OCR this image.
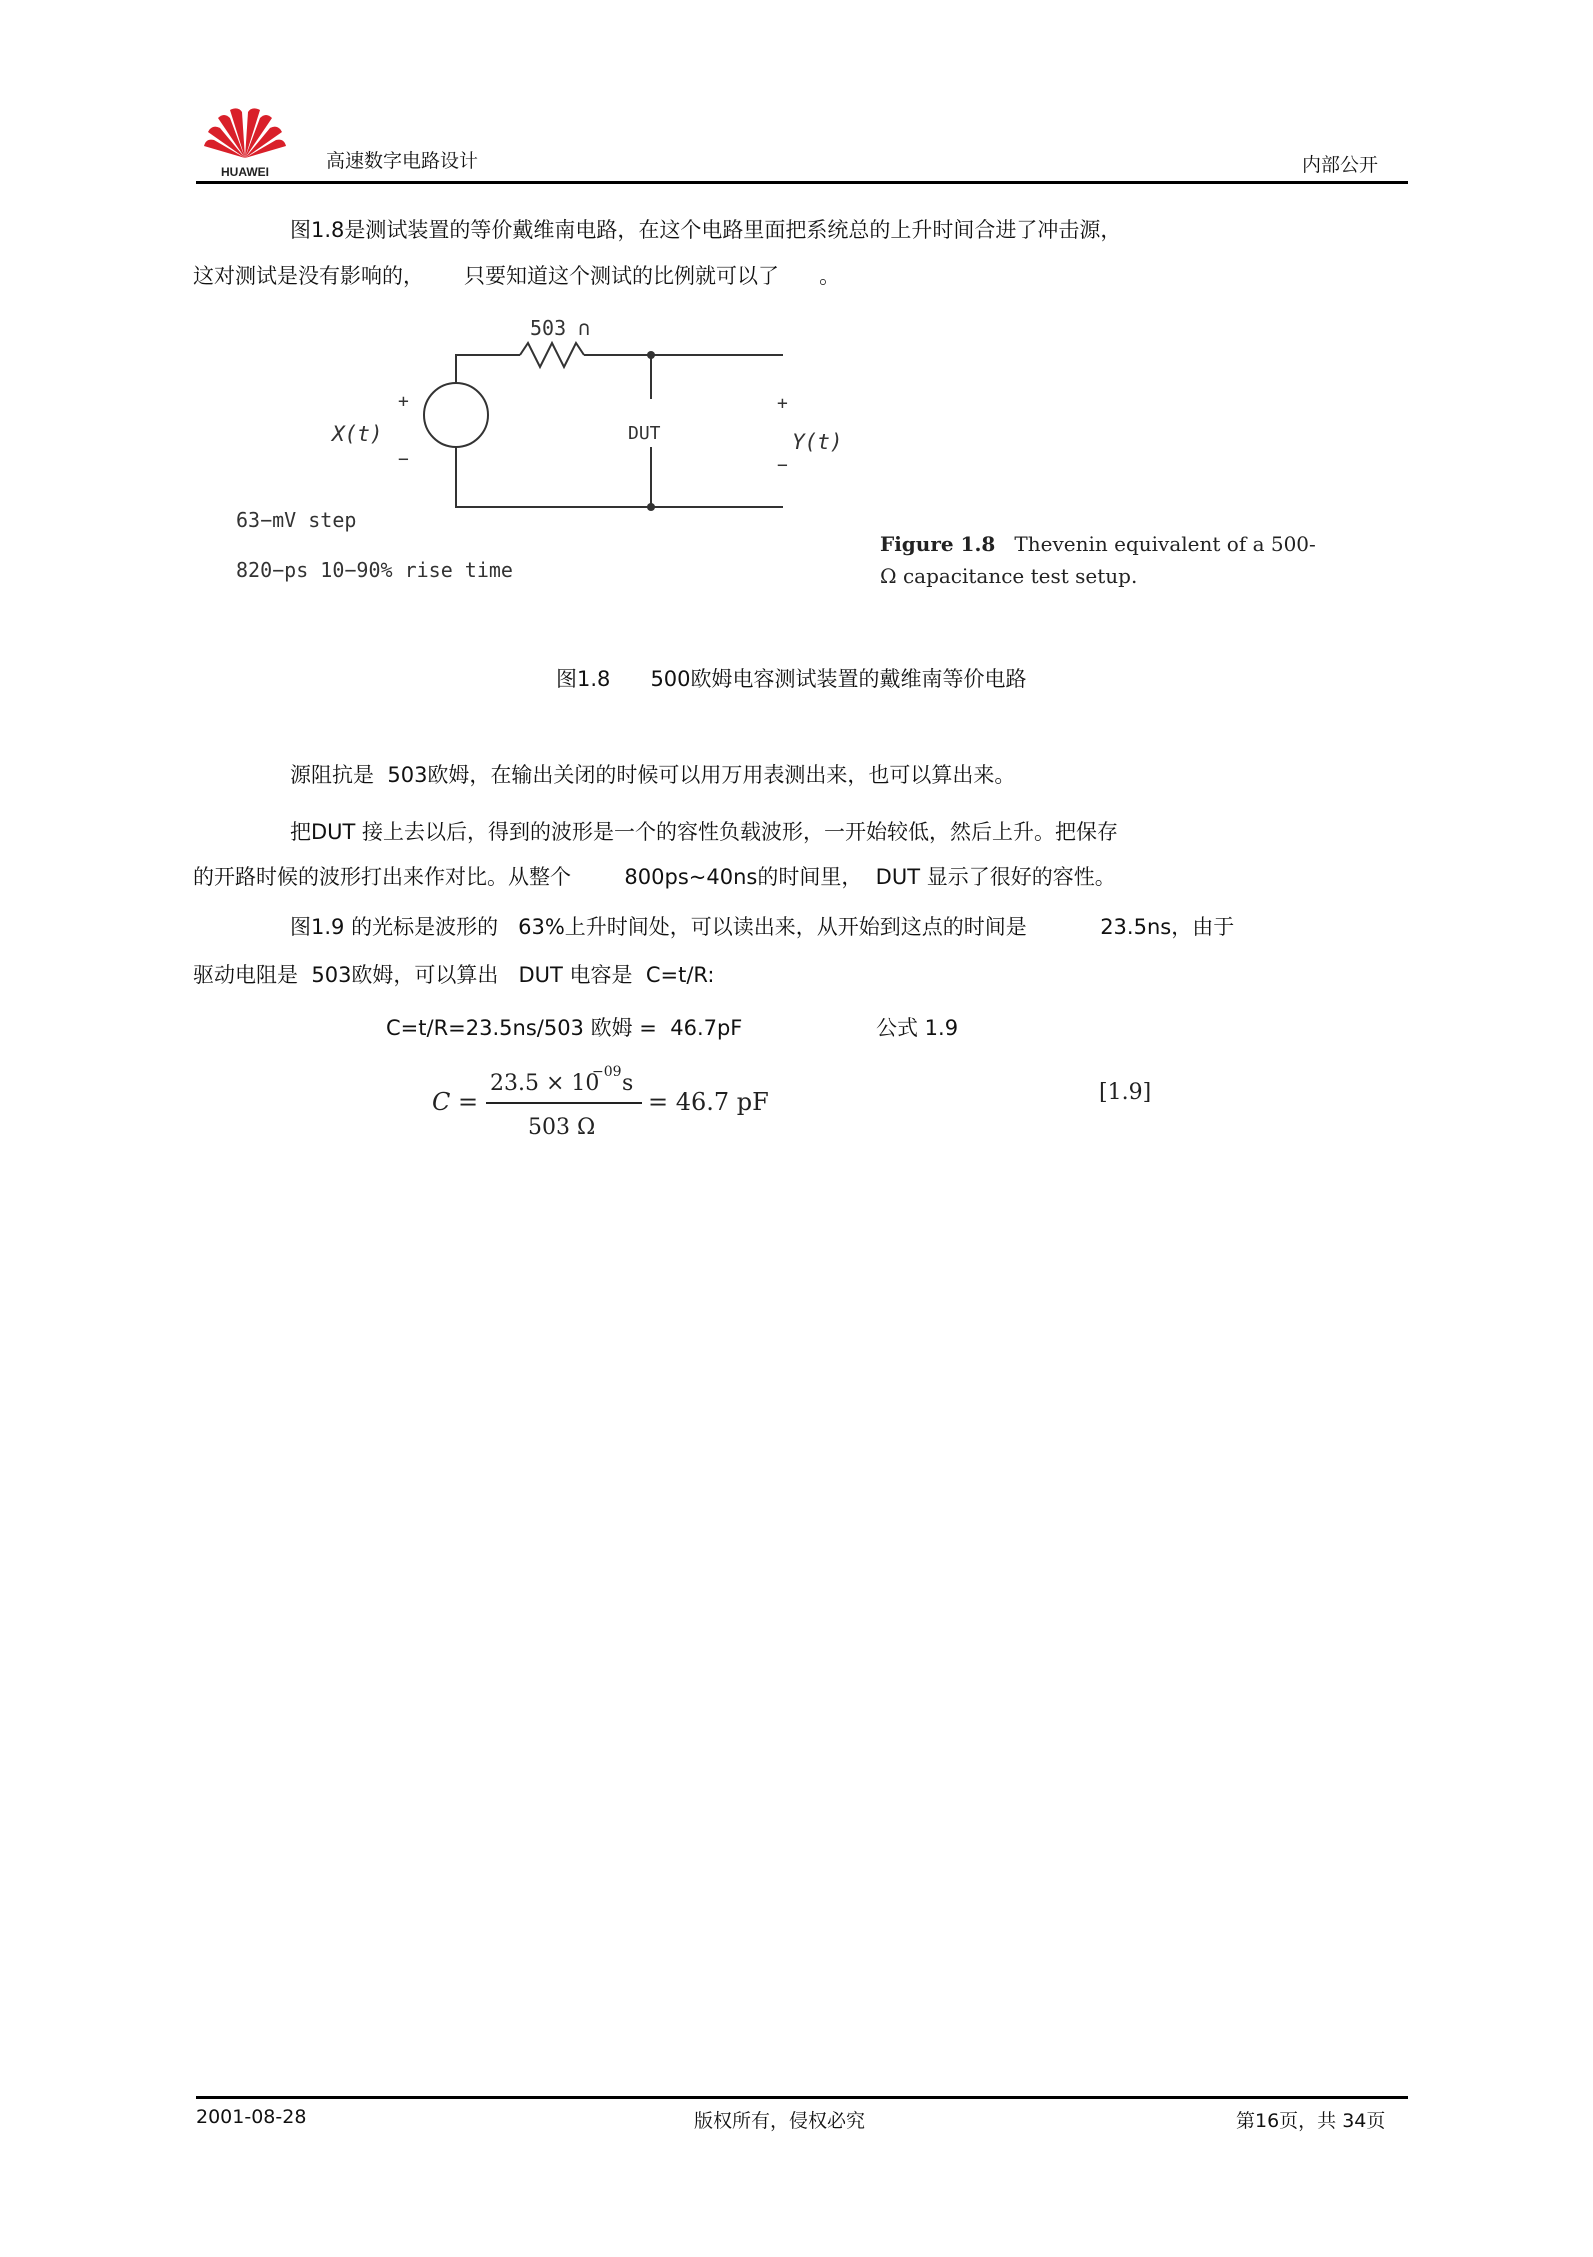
HUAWEI	高速数字电路设计	内部公开
图1.8是测试装置的等价戴维南电路，在这个电路里面把系统总的上升时间合进了冲击源，
这对测试是没有影响的，      只要知道这个测试的比例就可以了      。
503 ∩
+
−
X(t)	DUT
+
−
Y(t)
63−mV step
820−ps 10−90% rise time
Figure 1.8 Thevenin equivalent of a 500-
Ω capacitance test setup.
图1.8      500欧姆电容测试装置的戴维南等价电路
源阻抗是  503欧姆，在输出关闭的时候可以用万用表测出来，也可以算出来。
把DUT 接上去以后，得到的波形是一个的容性负载波形，一开始较低，然后上升。把保存
的开路时候的波形打出来作对比。从整个        800ps~40ns的时间里，  DUT 显示了很好的容性。
图1.9 的光标是波形的   63%上升时间处，可以读出来，从开始到这点的时间是           23.5ns，由于
驱动电阻是  503欧姆，可以算出   DUT 电容是  C=t/R:
C=t/R=23.5ns/503 欧姆 =  46.7pF	公式 1.9
C =
23.5 × 10
−09 s
503 Ω
= 46.7 pF	[1.9]
2001-08-28	版权所有，侵权必究	第16页，共 34页
